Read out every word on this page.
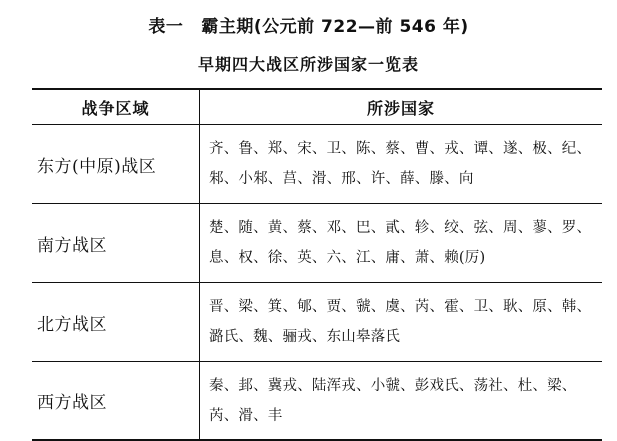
表一 霸主期(公元前 722—前 546 年)
早期四大战区所涉国家一览表
战争区域	所涉国家
东方(中原)战区
齐、鲁、郑、宋、卫、陈、蔡、曹、戎、谭、遂、极、纪、邾、小邾、莒、滑、邢、许、薛、滕、向
南方战区
楚、随、黄、蔡、邓、巴、貳、轸、绞、弦、周、蓼、罗、息、权、徐、英、六、江、庸、萧、赖(厉)
北方战区
晋、梁、箕、郇、贾、虢、虞、芮、霍、卫、耿、原、韩、潞氏、魏、骊戎、东山皋落氏
西方战区
秦、邽、冀戎、陆浑戎、小虢、彭戏氏、荡社、杜、梁、芮、滑、丰
